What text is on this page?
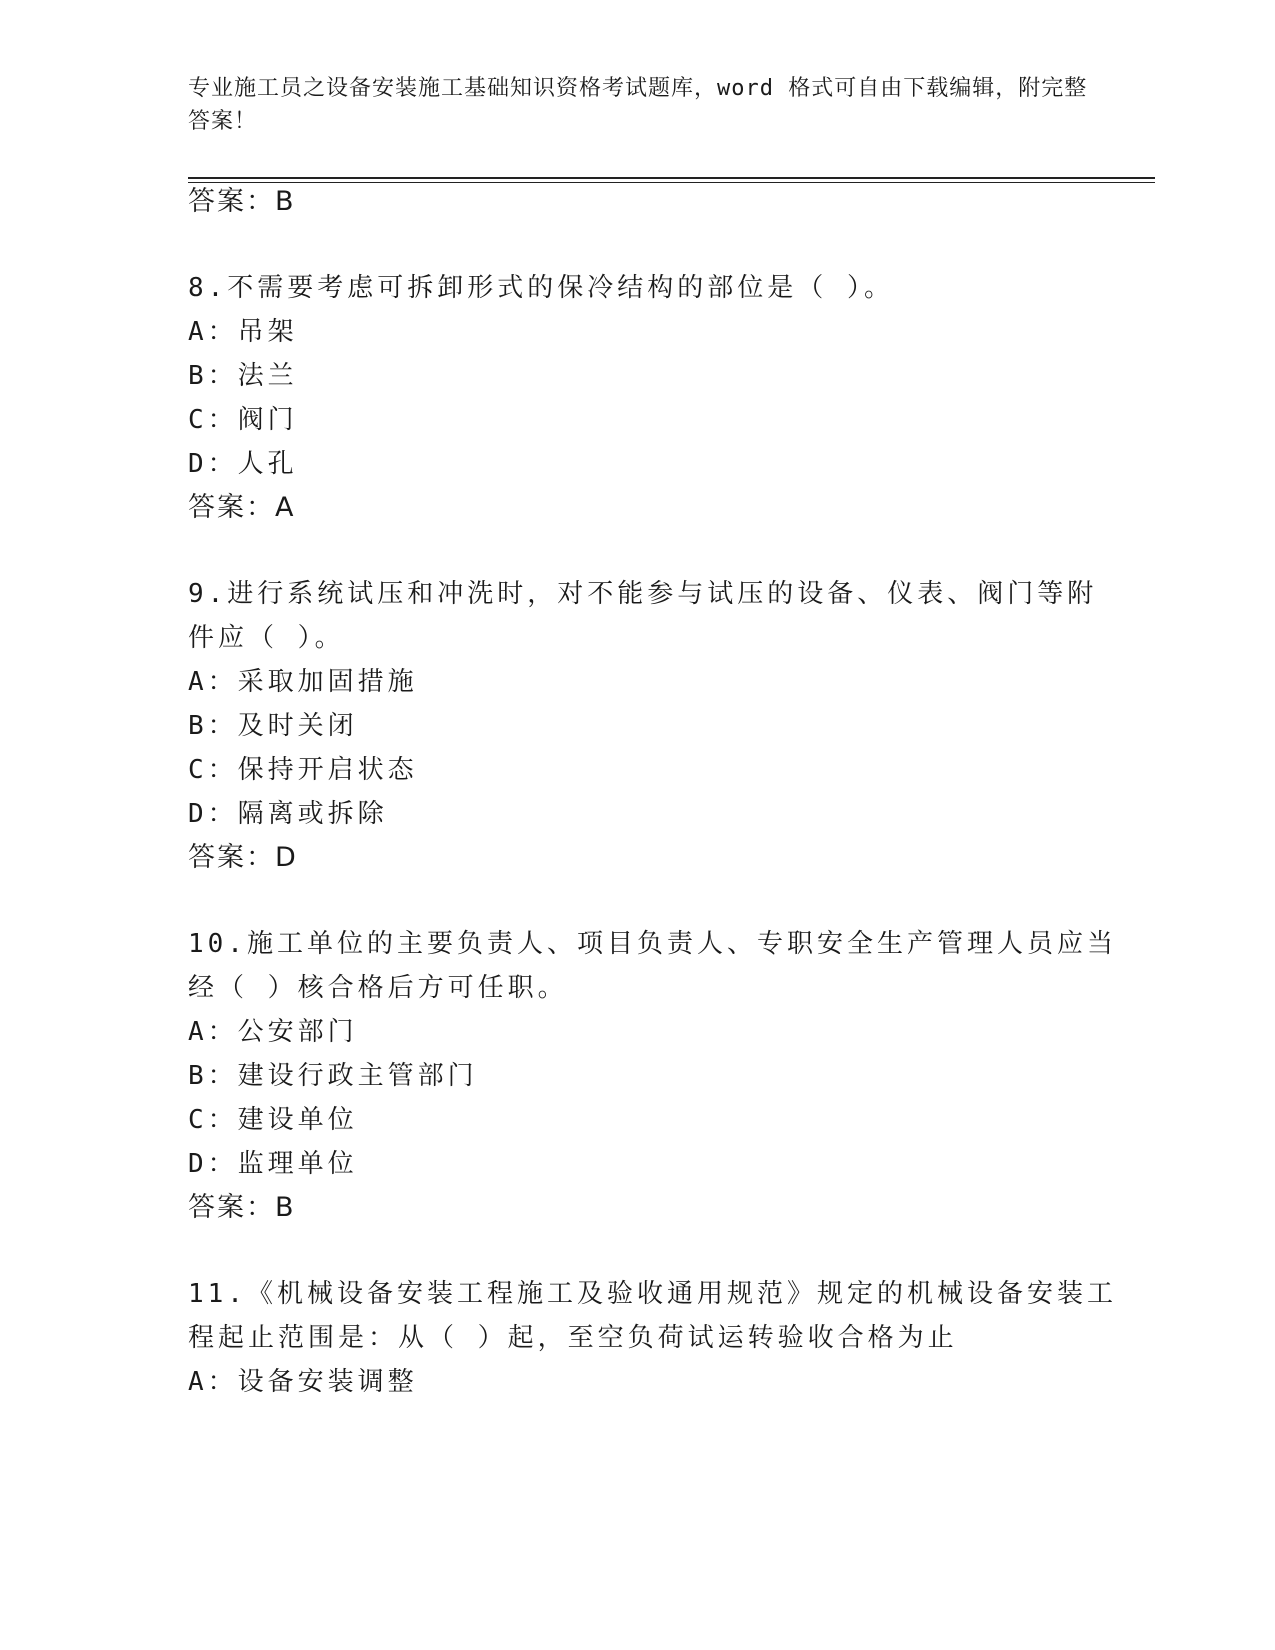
专业施工员之设备安装施工基础知识资格考试题库，word 格式可自由下载编辑，附完整答案！
答案：B
8.不需要考虑可拆卸形式的保冷结构的部位是（ ）。
A：吊架
B：法兰
C：阀门
D：人孔
答案：A
9.进行系统试压和冲洗时，对不能参与试压的设备、仪表、阀门等附
件应（ ）。
A：采取加固措施
B：及时关闭
C：保持开启状态
D：隔离或拆除
答案：D
10.施工单位的主要负责人、项目负责人、专职安全生产管理人员应当
经（ ）核合格后方可任职。
A：公安部门
B：建设行政主管部门
C：建设单位
D：监理单位
答案：B
11.《机械设备安装工程施工及验收通用规范》规定的机械设备安装工
程起止范围是：从（ ）起，至空负荷试运转验收合格为止
A：设备安装调整
